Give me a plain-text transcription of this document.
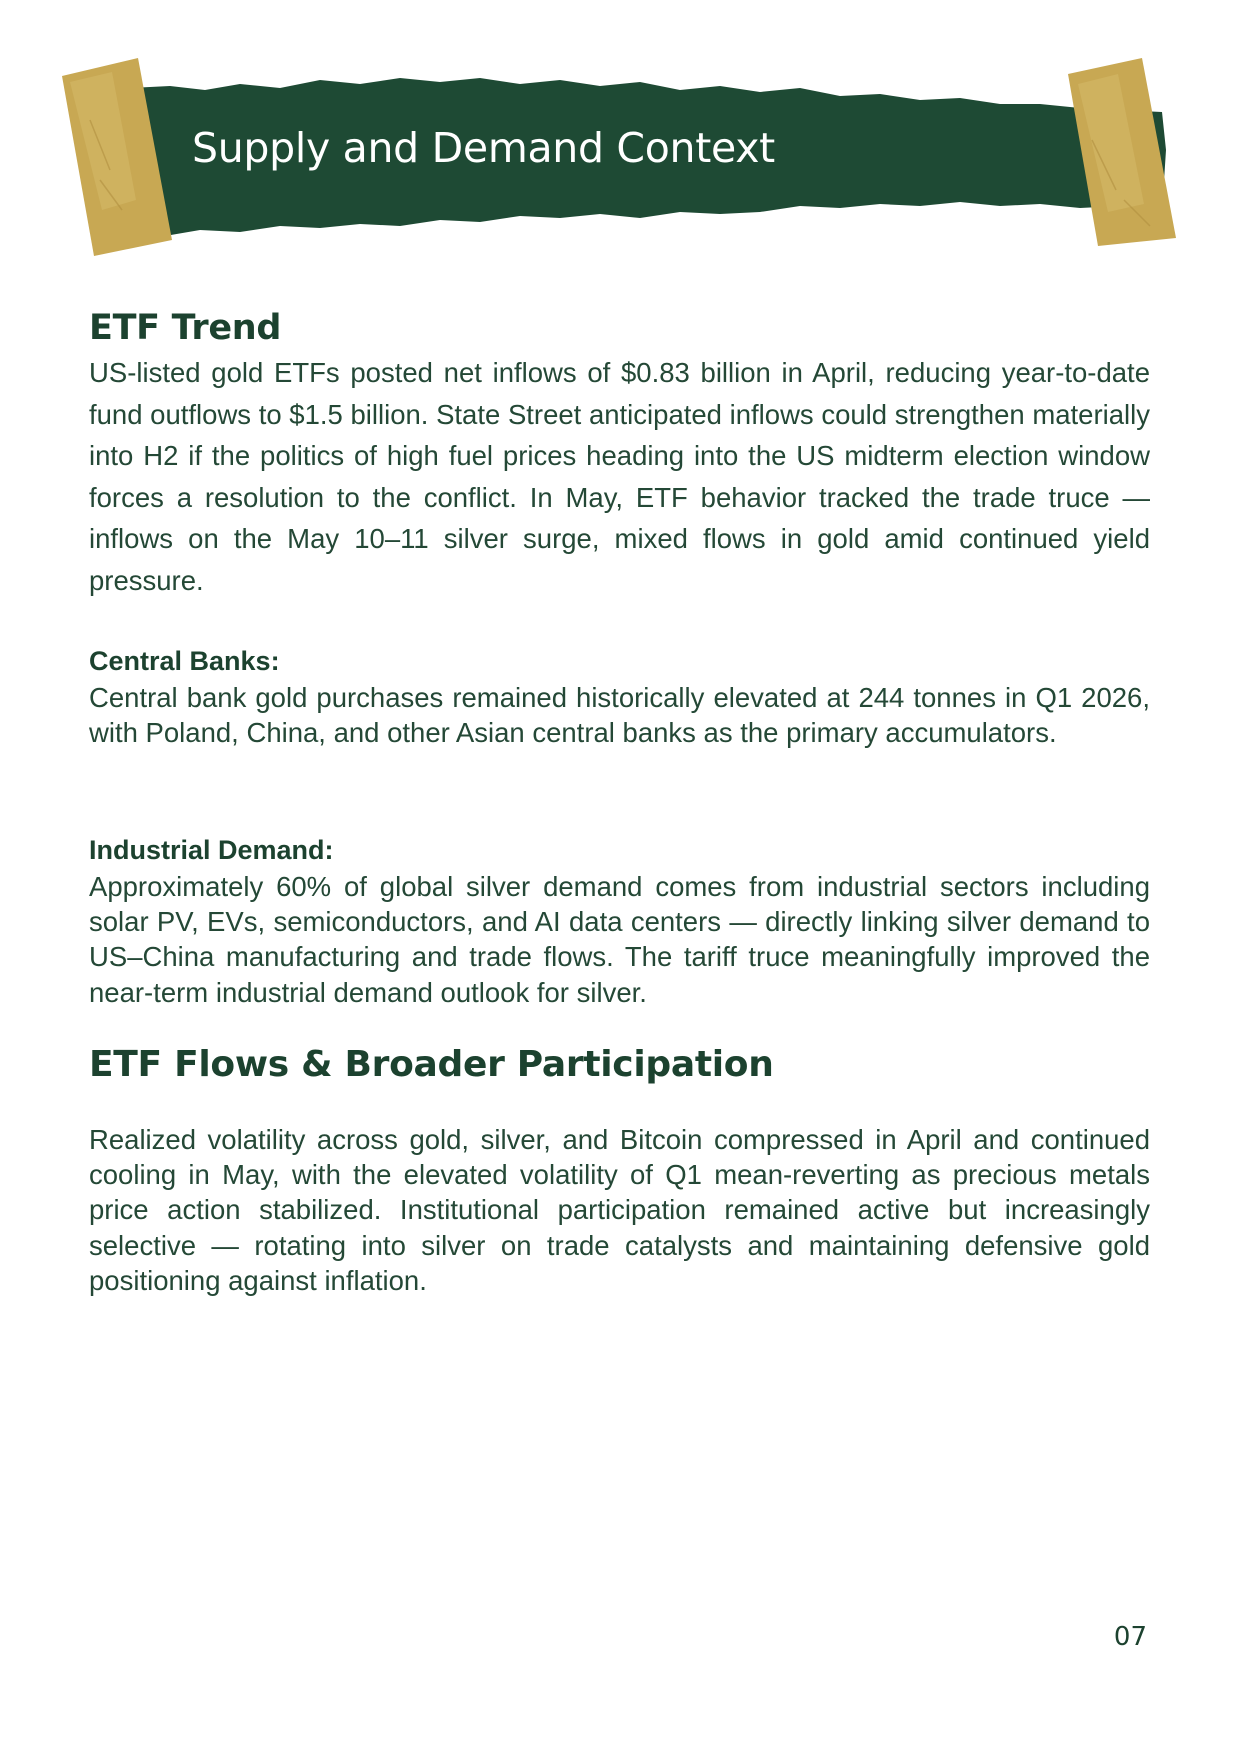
Supply and Demand Context
ETF Trend

US-listed gold ETFs posted net inflows of $0.83 billion in April, reducing year-to-date fund outflows to $1.5 billion. State Street anticipated inflows could strengthen materially into H2 if the politics of high fuel prices heading into the US midterm election window forces a resolution to the conflict. In May, ETF behavior tracked the trade truce — inflows on the May 10–11 silver surge, mixed flows in gold amid continued yield pressure.

Central Banks:

Central bank gold purchases remained historically elevated at 244 tonnes in Q1 2026, with Poland, China, and other Asian central banks as the primary accumulators.

Industrial Demand:

Approximately 60% of global silver demand comes from industrial sectors including solar PV, EVs, semiconductors, and AI data centers — directly linking silver demand to US–China manufacturing and trade flows. The tariff truce meaningfully improved the near-term industrial demand outlook for silver.

ETF Flows & Broader Participation

Realized volatility across gold, silver, and Bitcoin compressed in April and continued cooling in May, with the elevated volatility of Q1 mean-reverting as precious metals price action stabilized. Institutional participation remained active but increasingly selective — rotating into silver on trade catalysts and maintaining defensive gold positioning against inflation.

07
